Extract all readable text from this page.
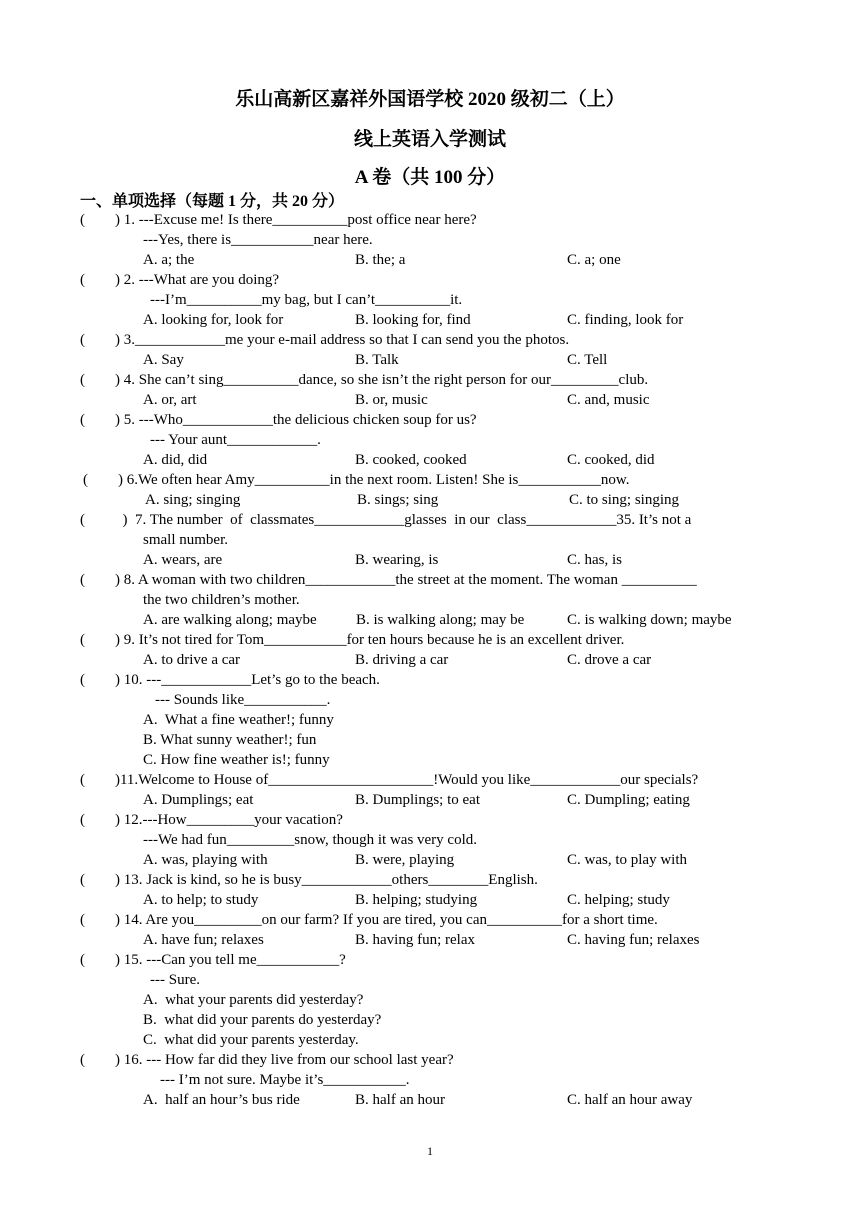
乐山高新区嘉祥外国语学校 2020 级初二（上）
线上英语入学测试
A 卷（共 100 分）
一、单项选择（每题 1 分，共 20 分）
(        ) 1. ---Excuse me! Is there__________post office near here?
---Yes, there is___________near here.
A. a; the	B. the; a	C. a; one
(        ) 2. ---What are you doing?
---I’m__________my bag, but I can’t__________it.
A. looking for, look for	B. looking for, find	C. finding, look for
(        ) 3.____________me your e-mail address so that I can send you the photos.
A. Say	B. Talk	C. Tell
(        ) 4. She can’t sing__________dance, so she isn’t the right person for our_________club.
A. or, art	B. or, music	C. and, music
(        ) 5. ---Who____________the delicious chicken soup for us?
--- Your aunt____________.
A. did, did	B. cooked, cooked	C. cooked, did
(        ) 6.We often hear Amy__________in the next room. Listen! She is___________now.
A. sing; singing	B. sings; sing	C. to sing; singing
(          )  7. The number  of  classmates____________glasses  in our  class____________35. It’s not a
small number.
A. wears, are	B. wearing, is	C. has, is
(        ) 8. A woman with two children____________the street at the moment. The woman __________
the two children’s mother.
A. are walking along; maybe	B. is walking along; may be	C. is walking down; maybe
(        ) 9. It’s not tired for Tom___________for ten hours because he is an excellent driver.
A. to drive a car	B. driving a car	C. drove a car
(        ) 10. ---____________Let’s go to the beach.
--- Sounds like___________.
A.  What a fine weather!; funny
B. What sunny weather!; fun
C. How fine weather is!; funny
(        )11.Welcome to House of______________________!Would you like____________our specials?
A. Dumplings; eat	B. Dumplings; to eat	C. Dumpling; eating
(        ) 12.---How_________your vacation?
---We had fun_________snow, though it was very cold.
A. was, playing with	B. were, playing	C. was, to play with
(        ) 13. Jack is kind, so he is busy____________others________English.
A. to help; to study	B. helping; studying	C. helping; study
(        ) 14. Are you_________on our farm? If you are tired, you can__________for a short time.
A. have fun; relaxes	B. having fun; relax	C. having fun; relaxes
(        ) 15. ---Can you tell me___________?
--- Sure.
A.  what your parents did yesterday?
B.  what did your parents do yesterday?
C.  what did your parents yesterday.
(        ) 16. --- How far did they live from our school last year?
--- I’m not sure. Maybe it’s___________.
A.  half an hour’s bus ride	B. half an hour	C. half an hour away
1
